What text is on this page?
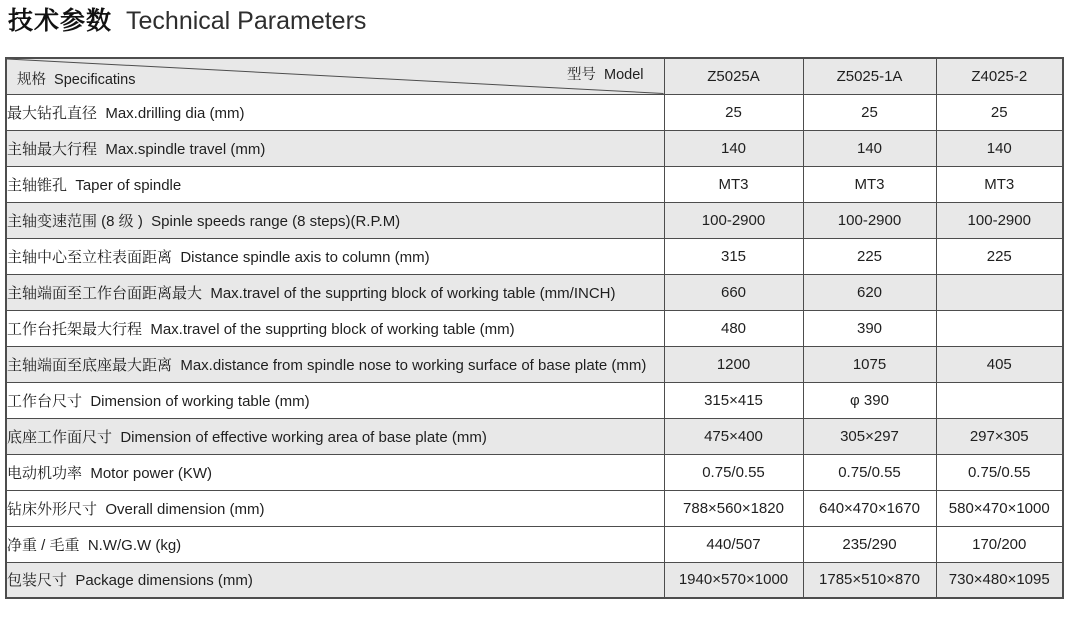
技术参数 Technical Parameters
规格  Specificatins 型号  Model	Z5025A	Z5025-1A	Z4025-2
最大钻孔直径  Max.drilling dia (mm)	25	25	25
主轴最大行程  Max.spindle travel (mm)	140	140	140
主轴锥孔  Taper of spindle	MT3	MT3	MT3
主轴变速范围 (8 级 )  Spinle speeds range (8 steps)(R.P.M)	100-2900	100-2900	100-2900
主轴中心至立柱表面距离  Distance spindle axis to column (mm)	315	225	225
主轴端面至工作台面距离最大  Max.travel of the supprting block of working table (mm/INCH)	660	620	
工作台托架最大行程  Max.travel of the supprting block of working table (mm)	480	390	
主轴端面至底座最大距离  Max.distance from spindle nose to working surface of base plate (mm)	1200	1075	405
工作台尺寸  Dimension of working table (mm)	315×415	φ 390	
底座工作面尺寸  Dimension of effective working area of base plate (mm)	475×400	305×297	297×305
电动机功率  Motor power (KW)	0.75/0.55	0.75/0.55	0.75/0.55
钻床外形尺寸  Overall dimension (mm)	788×560×1820	640×470×1670	580×470×1000
净重 / 毛重  N.W/G.W (kg)	440/507	235/290	170/200
包装尺寸  Package dimensions (mm)	1940×570×1000	1785×510×870	730×480×1095
